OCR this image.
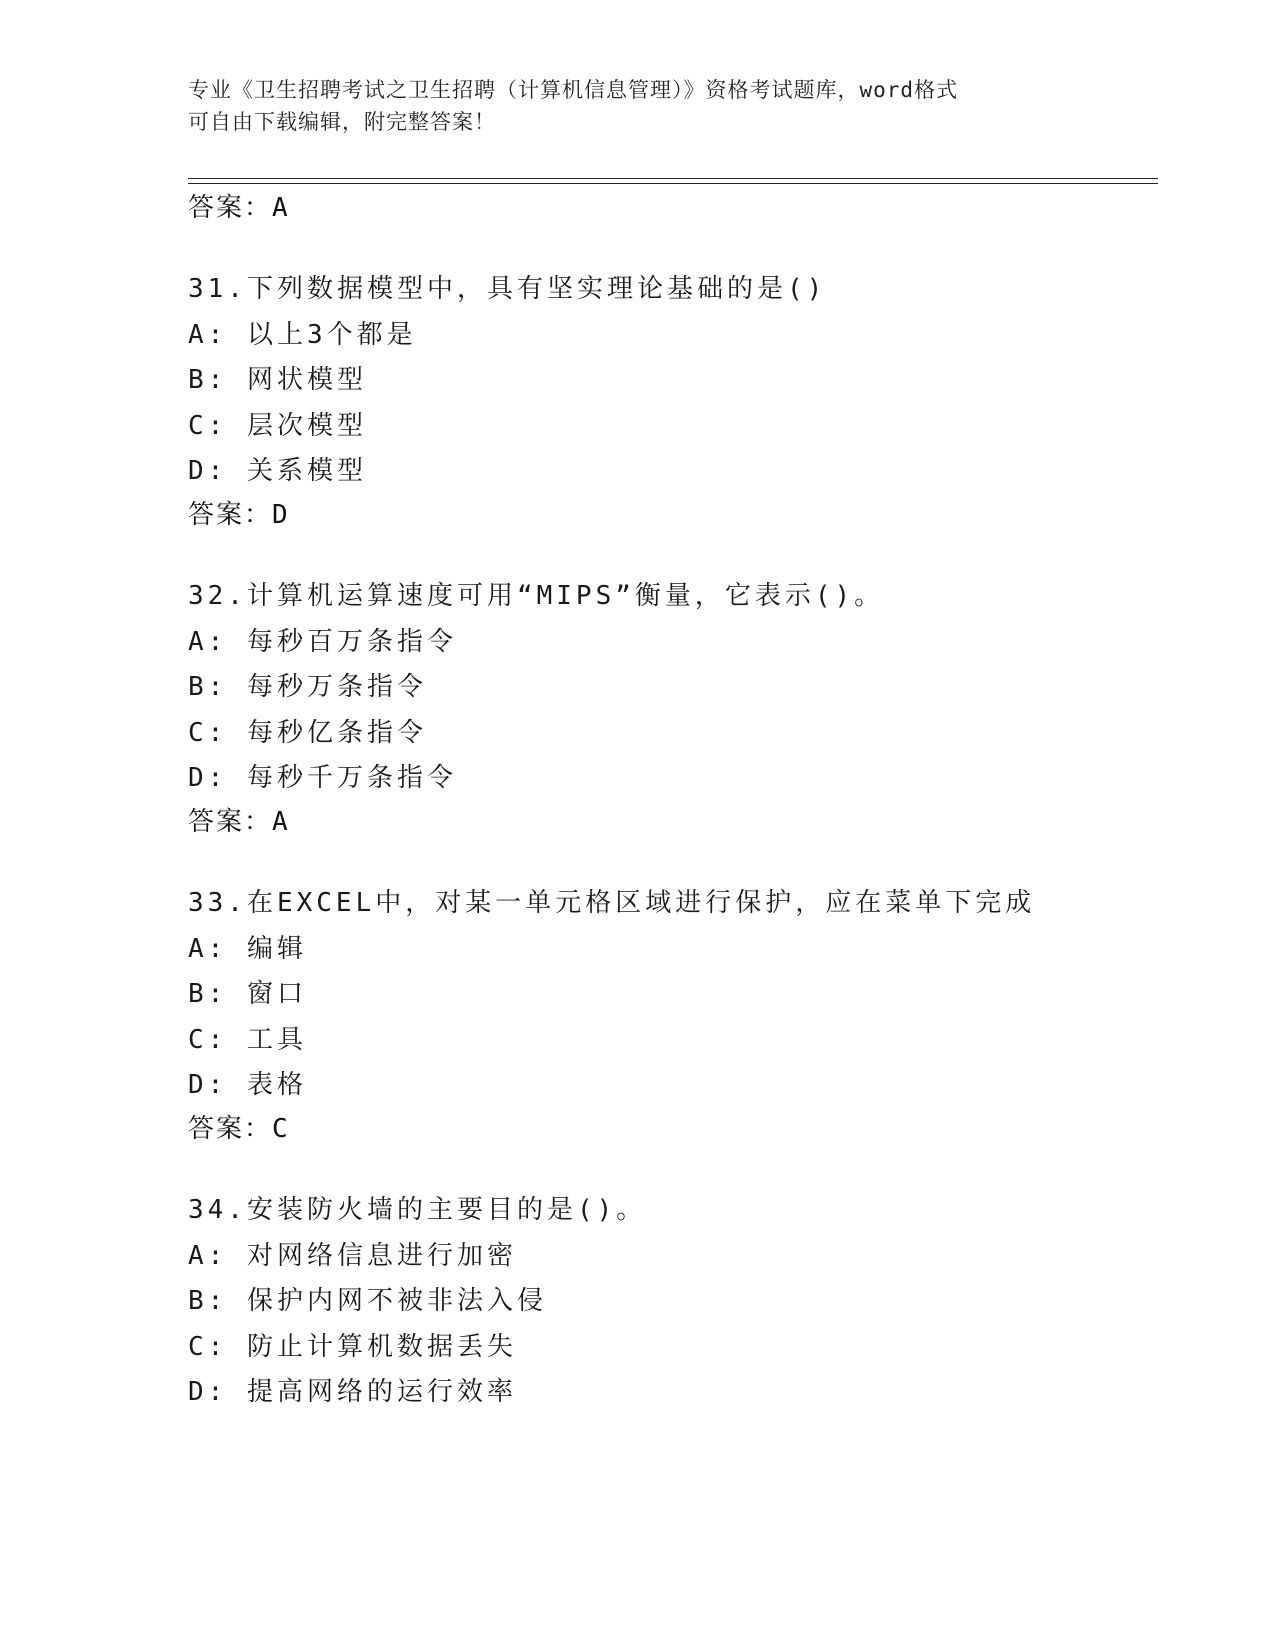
专业《卫生招聘考试之卫生招聘（计算机信息管理）》资格考试题库，word格式
可自由下载编辑，附完整答案！
答案：A
31.下列数据模型中，具有坚实理论基础的是()
A: 以上3个都是
B: 网状模型
C: 层次模型
D: 关系模型
答案：D
32.计算机运算速度可用“MIPS”衡量，它表示()。
A: 每秒百万条指令
B: 每秒万条指令
C: 每秒亿条指令
D: 每秒千万条指令
答案：A
33.在EXCEL中，对某一单元格区域进行保护，应在菜单下完成
A: 编辑
B: 窗口
C: 工具
D: 表格
答案：C
34.安装防火墙的主要目的是()。
A: 对网络信息进行加密
B: 保护内网不被非法入侵
C: 防止计算机数据丢失
D: 提高网络的运行效率
